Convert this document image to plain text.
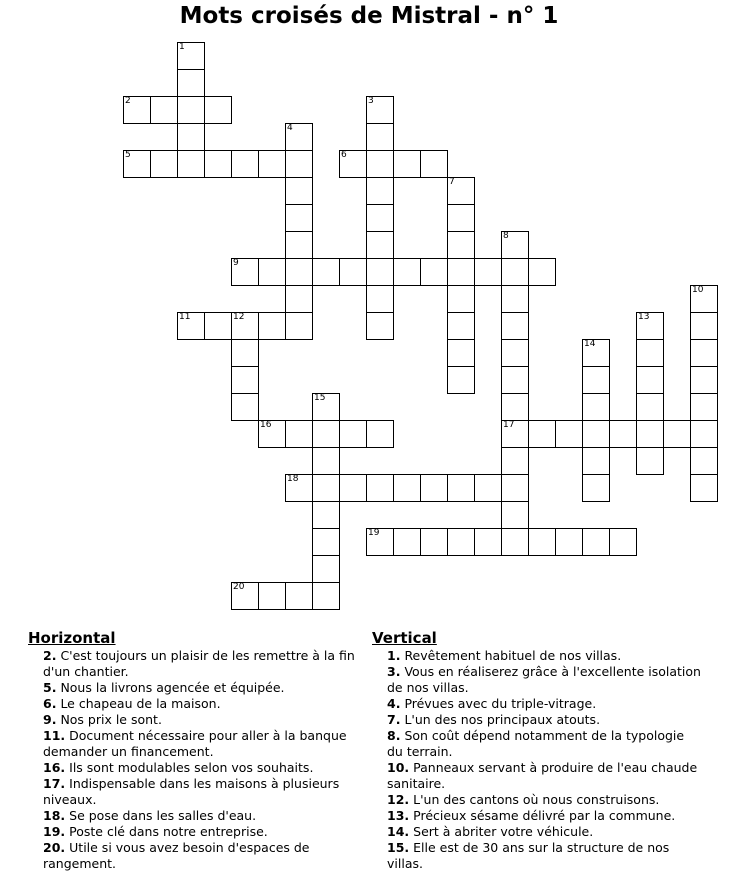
Mots croisés de Mistral - n° 1
1
2	3
4
5	6
7
8
17
9
10
11	12	13
14
15
16
18
19
20
Horizontal
2. C'est toujours un plaisir de les remettre à la fin d'un chantier.
5. Nous la livrons agencée et équipée.
6. Le chapeau de la maison.
9. Nos prix le sont.
11. Document nécessaire pour aller à la banque demander un financement.
16. Ils sont modulables selon vos souhaits.
17. Indispensable dans les maisons à plusieurs niveaux.
18. Se pose dans les salles d'eau.
19. Poste clé dans notre entreprise.
20. Utile si vous avez besoin d'espaces de rangement.
Vertical
1. Revêtement habituel de nos villas.
3. Vous en réaliserez grâce à l'excellente isolation de nos villas.
4. Prévues avec du triple-vitrage.
7. L'un des nos principaux atouts.
8. Son coût dépend notamment de la typologie du terrain.
10. Panneaux servant à produire de l'eau chaude sanitaire.
12. L'un des cantons où nous construisons.
13. Précieux sésame délivré par la commune.
14. Sert à abriter votre véhicule.
15. Elle est de 30 ans sur la structure de nos villas.
